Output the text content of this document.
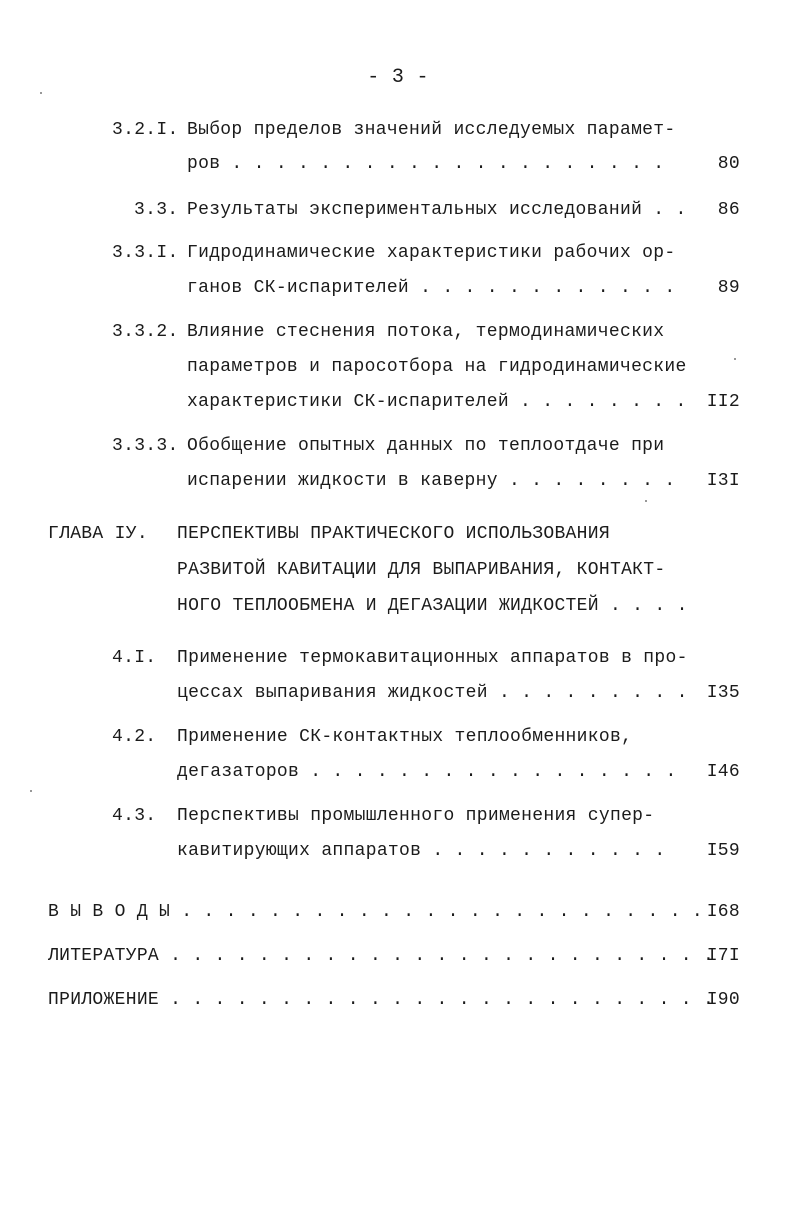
- 3 -
3.2.I. Выбор пределов значений исследуемых парамет-
ров . . . . . . . . . . . . . . . . . . . .	80
3.3. Результаты экспериментальных исследований . . 86
3.3.I. Гидродинамические характеристики рабочих ор-
ганов СК-испарителей . . . . . . . . . . . . 89
3.3.2. Влияние стеснения потока, термодинамических
параметров и паросотбора на гидродинамические
характеристики СК-испарителей . . . . . . . . II2
3.3.3. Обобщение опытных данных по теплоотдаче при
испарении жидкости в каверну . . . . . . . . I3I
ГЛАВА IУ. ПЕРСПЕКТИВЫ ПРАКТИЧЕСКОГО ИСПОЛЬЗОВАНИЯ
РАЗВИТОЙ КАВИТАЦИИ ДЛЯ ВЫПАРИВАНИЯ, КОНТАКТ-
НОГО ТЕПЛООБМЕНА И ДЕГАЗАЦИИ ЖИДКОСТЕЙ . . . .
4.I. Применение термокавитационных аппаратов в про-
цессах выпаривания жидкостей . . . . . . . . . I35
4.2. Применение СК-контактных теплообменников,
дегазаторов . . . . . . . . . . . . . . . . . I46
4.3. Перспективы промышленного применения супер-
кавитирующих аппаратов . . . . . . . . . . . I59
В Ы В О Д Ы . . . . . . . . . . . . . . . . . . . . . . . . I68
ЛИТЕРАТУРА . . . . . . . . . . . . . . . . . . . . . . . . .
I7I
ПРИЛОЖЕНИЕ . . . . . . . . . . . . . . . . . . . . . . . . .
I90
